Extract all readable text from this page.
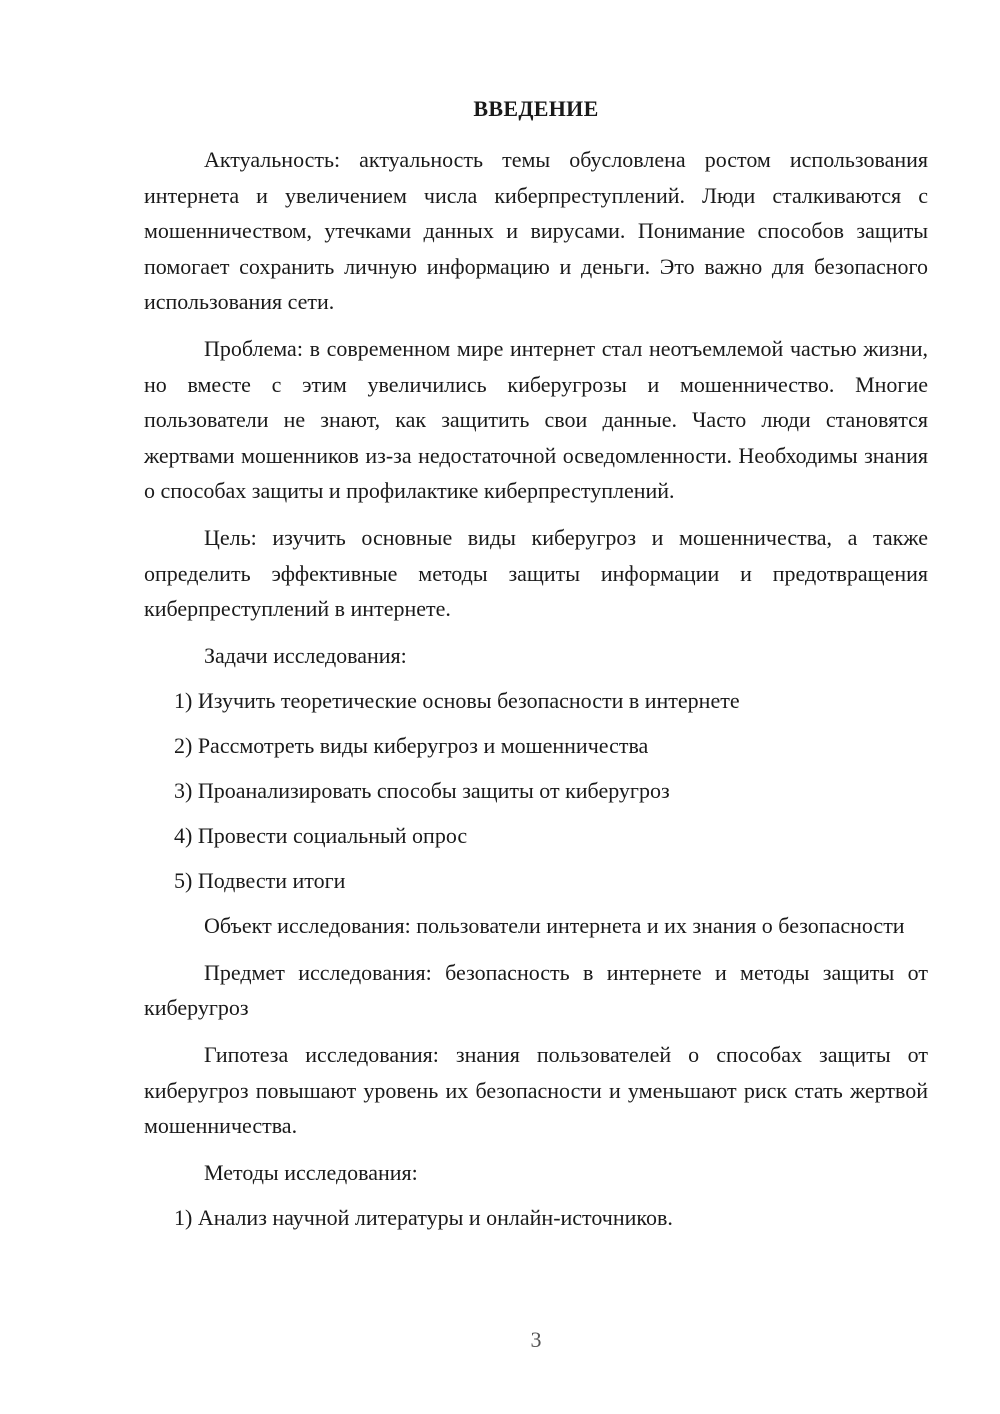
ВВЕДЕНИЕ

Актуальность: актуальность темы обусловлена ростом использования интернета и увеличением числа киберпреступлений. Люди сталкиваются с мошенничеством, утечками данных и вирусами. Понимание способов защиты помогает сохранить личную информацию и деньги. Это важно для безопасного использования сети.

Проблема: в современном мире интернет стал неотъемлемой частью жизни, но вместе с этим увеличились киберугрозы и мошенничество. Многие пользователи не знают, как защитить свои данные. Часто люди становятся жертвами мошенников из-за недостаточной осведомленности. Необходимы знания о способах защиты и профилактике киберпреступлений.

Цель: изучить основные виды киберугроз и мошенничества, а также определить эффективные методы защиты информации и предотвращения киберпреступлений в интернете.

Задачи исследования:

1) Изучить теоретические основы безопасности в интернете

2) Рассмотреть виды киберугроз и мошенничества

3) Проанализировать способы защиты от киберугроз

4) Провести социальный опрос

5) Подвести итоги

Объект исследования: пользователи интернета и их знания о безопасности

Предмет исследования: безопасность в интернете и методы защиты от киберугроз

Гипотеза исследования: знания пользователей о способах защиты от киберугроз повышают уровень их безопасности и уменьшают риск стать жертвой мошенничества.

Методы исследования:

1) Анализ научной литературы и онлайн-источников.

3
